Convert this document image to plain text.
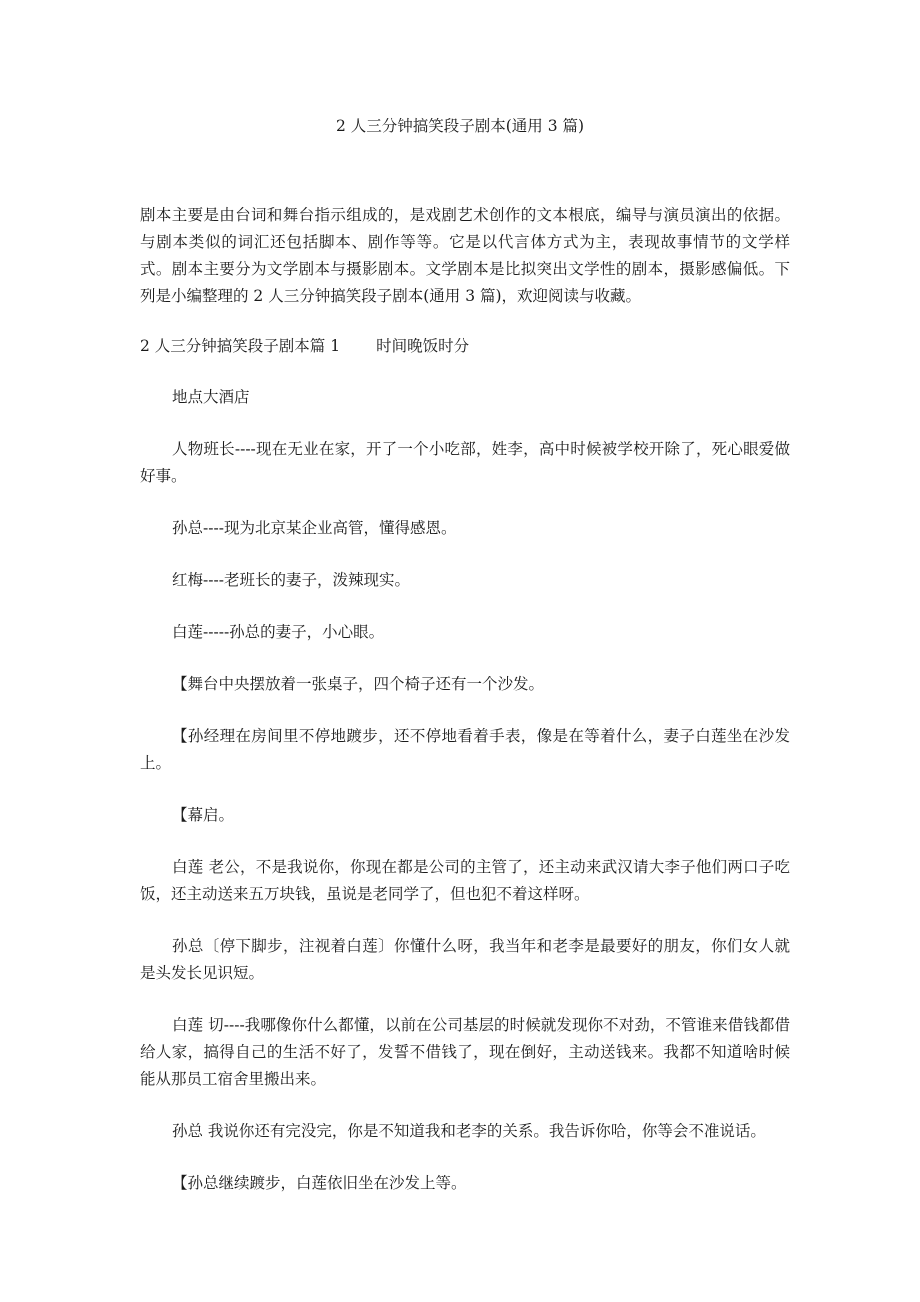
2 人三分钟搞笑段子剧本(通用 3 篇)

剧本主要是由台词和舞台指示组成的，是戏剧艺术创作的文本根底，编导与演员演出的依据。与剧本类似的词汇还包括脚本、剧作等等。它是以代言体方式为主，表现故事情节的文学样式。剧本主要分为文学剧本与摄影剧本。文学剧本是比拟突出文学性的剧本，摄影感偏低。下列是小编整理的 2 人三分钟搞笑段子剧本(通用 3 篇)，欢迎阅读与收藏。

2 人三分钟搞笑段子剧本篇 1 时间晚饭时分

地点大酒店

人物班长----现在无业在家，开了一个小吃部，姓李，高中时候被学校开除了，死心眼爱做好事。

孙总----现为北京某企业高管，懂得感恩。

红梅----老班长的妻子，泼辣现实。

白莲-----孙总的妻子，小心眼。

【舞台中央摆放着一张桌子，四个椅子还有一个沙发。

【孙经理在房间里不停地踱步，还不停地看着手表，像是在等着什么，妻子白莲坐在沙发上。

【幕启。

白莲 老公，不是我说你，你现在都是公司的主管了，还主动来武汉请大李子他们两口子吃饭，还主动送来五万块钱，虽说是老同学了，但也犯不着这样呀。

孙总〔停下脚步，注视着白莲〕你懂什么呀，我当年和老李是最要好的朋友，你们女人就是头发长见识短。

白莲 切----我哪像你什么都懂，以前在公司基层的时候就发现你不对劲，不管谁来借钱都借给人家，搞得自己的生活不好了，发誓不借钱了，现在倒好，主动送钱来。我都不知道啥时候能从那员工宿舍里搬出来。

孙总 我说你还有完没完，你是不知道我和老李的关系。我告诉你哈，你等会不准说话。

【孙总继续踱步，白莲依旧坐在沙发上等。
